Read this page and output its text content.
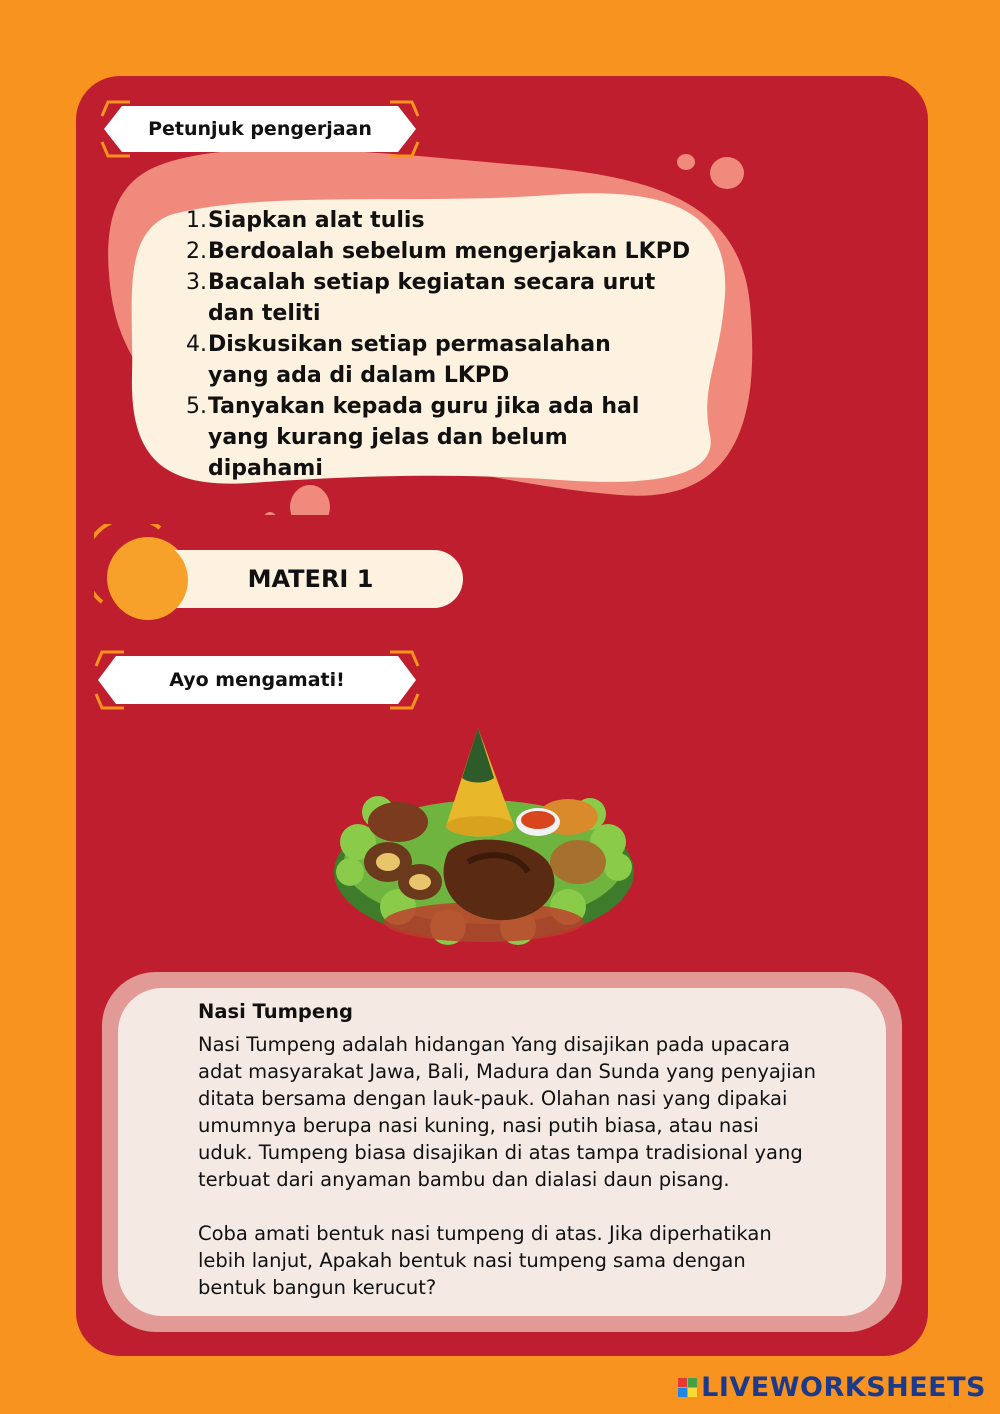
Petunjuk pengerjaan
1. Siapkan alat tulis
2. Berdoalah sebelum mengerjakan LKPD
3. Bacalah setiap kegiatan secara urut dan teliti
4. Diskusikan setiap permasalahan yang ada di dalam LKPD
5. Tanyakan kepada guru jika ada hal yang kurang jelas dan belum dipahami
MATERI 1
Ayo mengamati!

Nasi Tumpeng

Nasi Tumpeng adalah hidangan Yang disajikan pada upacara adat masyarakat Jawa, Bali, Madura dan Sunda yang penyajian ditata bersama dengan lauk-pauk. Olahan nasi yang dipakai umumnya berupa nasi kuning, nasi putih biasa, atau nasi uduk. Tumpeng biasa disajikan di atas tampa tradisional yang terbuat dari anyaman bambu dan dialasi daun pisang.

Coba amati bentuk nasi tumpeng di atas. Jika diperhatikan lebih lanjut, Apakah bentuk nasi tumpeng sama dengan bentuk bangun kerucut?

LIVEWORKSHEETS
